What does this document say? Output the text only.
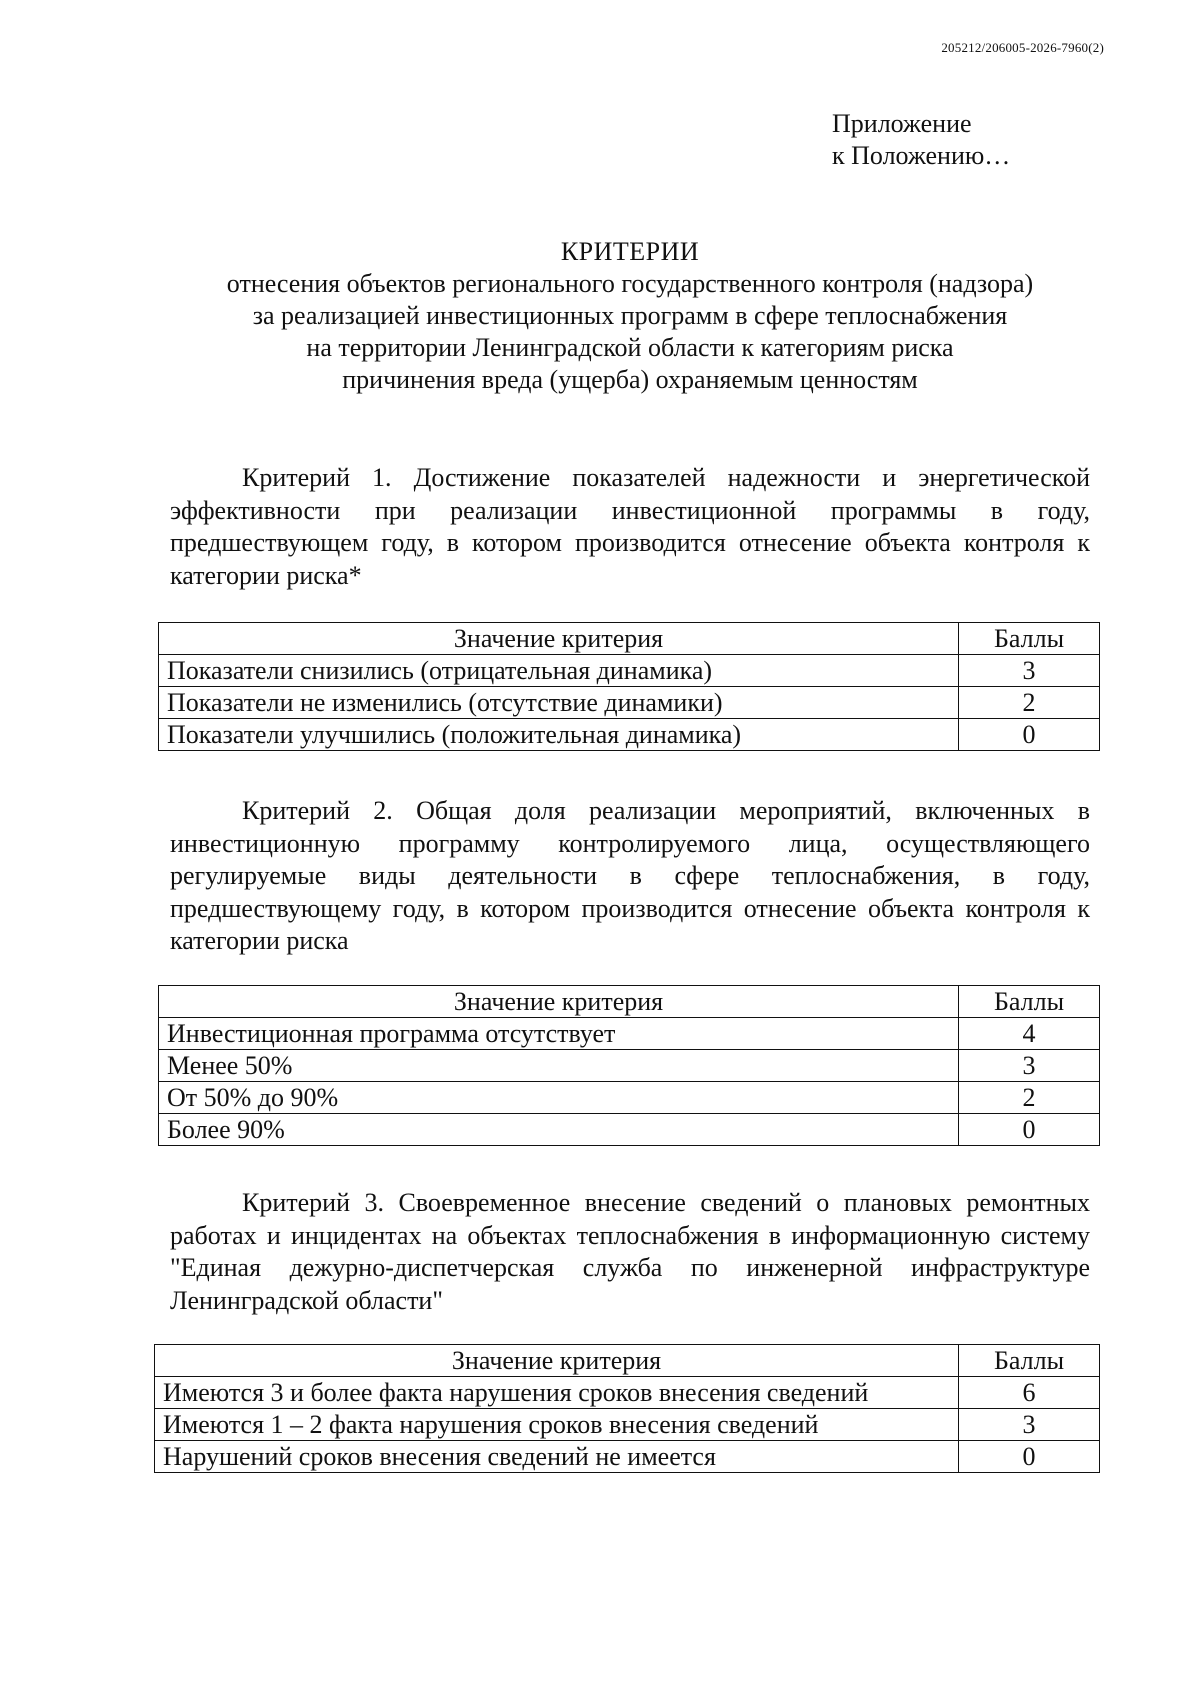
205212/206005-2026-7960(2)
Приложение
к Положению…
КРИТЕРИИ
отнесения объектов регионального государственного контроля (надзора)
за реализацией инвестиционных программ в сфере теплоснабжения
на территории Ленинградской области к категориям риска
причинения вреда (ущерба) охраняемым ценностям

Критерий 1. Достижение показателей надежности и энергетической эффективности при реализации инвестиционной программы в году, предшествующем году, в котором производится отнесение объекта контроля к категории риска*

Значение критерия	Баллы
Показатели снизились (отрицательная динамика)	3
Показатели не изменились (отсутствие динамики)	2
Показатели улучшились (положительная динамика)	0

Критерий 2. Общая доля реализации мероприятий, включенных в инвестиционную программу контролируемого лица, осуществляющего регулируемые виды деятельности в сфере теплоснабжения, в году, предшествующему году, в котором производится отнесение объекта контроля к категории риска

Значение критерия	Баллы
Инвестиционная программа отсутствует	4
Менее 50%	3
От 50% до 90%	2
Более 90%	0

Критерий 3. Своевременное внесение сведений о плановых ремонтных работах и инцидентах на объектах теплоснабжения в информационную систему "Единая дежурно-диспетчерская служба по инженерной инфраструктуре Ленинградской области"

Значение критерия	Баллы
Имеются 3 и более факта нарушения сроков внесения сведений	6
Имеются 1 – 2 факта нарушения сроков внесения сведений	3
Нарушений сроков внесения сведений не имеется	0
